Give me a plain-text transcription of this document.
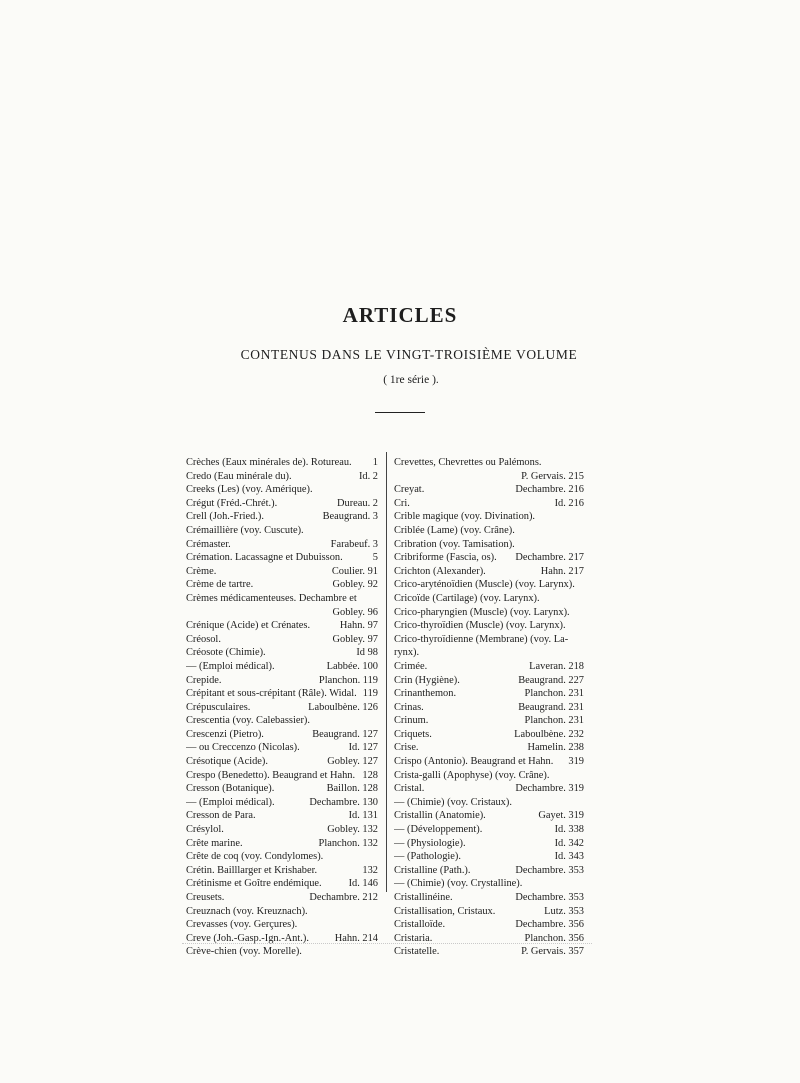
ARTICLES
CONTENUS DANS LE VINGT-TROISIÈME VOLUME
( 1re série ).
Crèches (Eaux minérales de). Rotureau.	1
Credo (Eau minérale du).	Id. 2
Creeks (Les) (voy. Amérique).
Crégut (Fréd.-Chrét.).	Dureau. 2
Crell (Joh.-Fried.).	Beaugrand. 3
Crémaillière (voy. Cuscute).
Crémaster.	Farabeuf. 3
Crémation. Lacassagne et Dubuisson.	5
Crème.	Coulier. 91
Crème de tartre.	Gobley. 92
Crèmes médicamenteuses. Dechambre et
Gobley. 96
Crénique (Acide) et Crénates.	Hahn. 97
Créosol.	Gobley. 97
Créosote (Chimie).	Id 98
— (Emploi médical).	Labbée. 100
Crepide.	Planchon. 119
Crépitant et sous-crépitant (Râle). Widal. 119
Crépusculaires.	Laboulbène. 126
Crescentia (voy. Calebassier).
Crescenzi (Pietro).	Beaugrand. 127
— ou Creccenzo (Nicolas).	Id. 127
Crésotique (Acide).	Gobley. 127
Crespo (Benedetto). Beaugrand et Hahn. 128
Cresson (Botanique).	Baillon. 128
— (Emploi médical).	Dechambre. 130
Cresson de Para.	Id. 131
Crésylol.	Gobley. 132
Crête marine.	Planchon. 132
Crête de coq (voy. Condylomes).
Crétin. Bailllarger et Krishaber.	132
Crétinisme et Goître endémique.	Id. 146
Creusets.	Dechambre. 212
Creuznach (voy. Kreuznach).
Crevasses (voy. Gerçures).
Creve (Joh.-Gasp.-Ign.-Ant.).	Hahn. 214
Crève-chien (voy. Morelle).
Crevettes, Chevrettes ou Palémons.
P. Gervais. 215
Creyat.	Dechambre. 216
Cri.	Id. 216
Crible magique (voy. Divination).
Criblée (Lame) (voy. Crâne).
Cribration (voy. Tamisation).
Cribriforme (Fascia, os).	Dechambre. 217
Crichton (Alexander).	Hahn. 217
Crico-aryténoïdien (Muscle) (voy. Larynx).
Cricoïde (Cartilage) (voy. Larynx).
Crico-pharyngien (Muscle) (voy. Larynx).
Crico-thyroïdien (Muscle) (voy. Larynx).
Crico-thyroïdienne (Membrane) (voy. La-
rynx).
Crimée.	Laveran. 218
Crin (Hygiène).	Beaugrand. 227
Crinanthemon.	Planchon. 231
Crinas.	Beaugrand. 231
Crinum.	Planchon. 231
Criquets.	Laboulbène. 232
Crise.	Hamelin. 238
Crispo (Antonio). Beaugrand et Hahn.	319
Crista-galli (Apophyse) (voy. Crâne).
Cristal.	Dechambre. 319
— (Chimie) (voy. Cristaux).
Cristallin (Anatomie).	Gayet. 319
— (Développement).	Id. 338
— (Physiologie).	Id. 342
— (Pathologie).	Id. 343
Cristalline (Path.).	Dechambre. 353
— (Chimie) (voy. Crystalline).
Cristallinéine.	Dechambre. 353
Cristallisation, Cristaux.	Lutz. 353
Cristalloïde.	Dechambre. 356
Cristaria.	Planchon. 356
Cristatelle.	P. Gervais. 357
